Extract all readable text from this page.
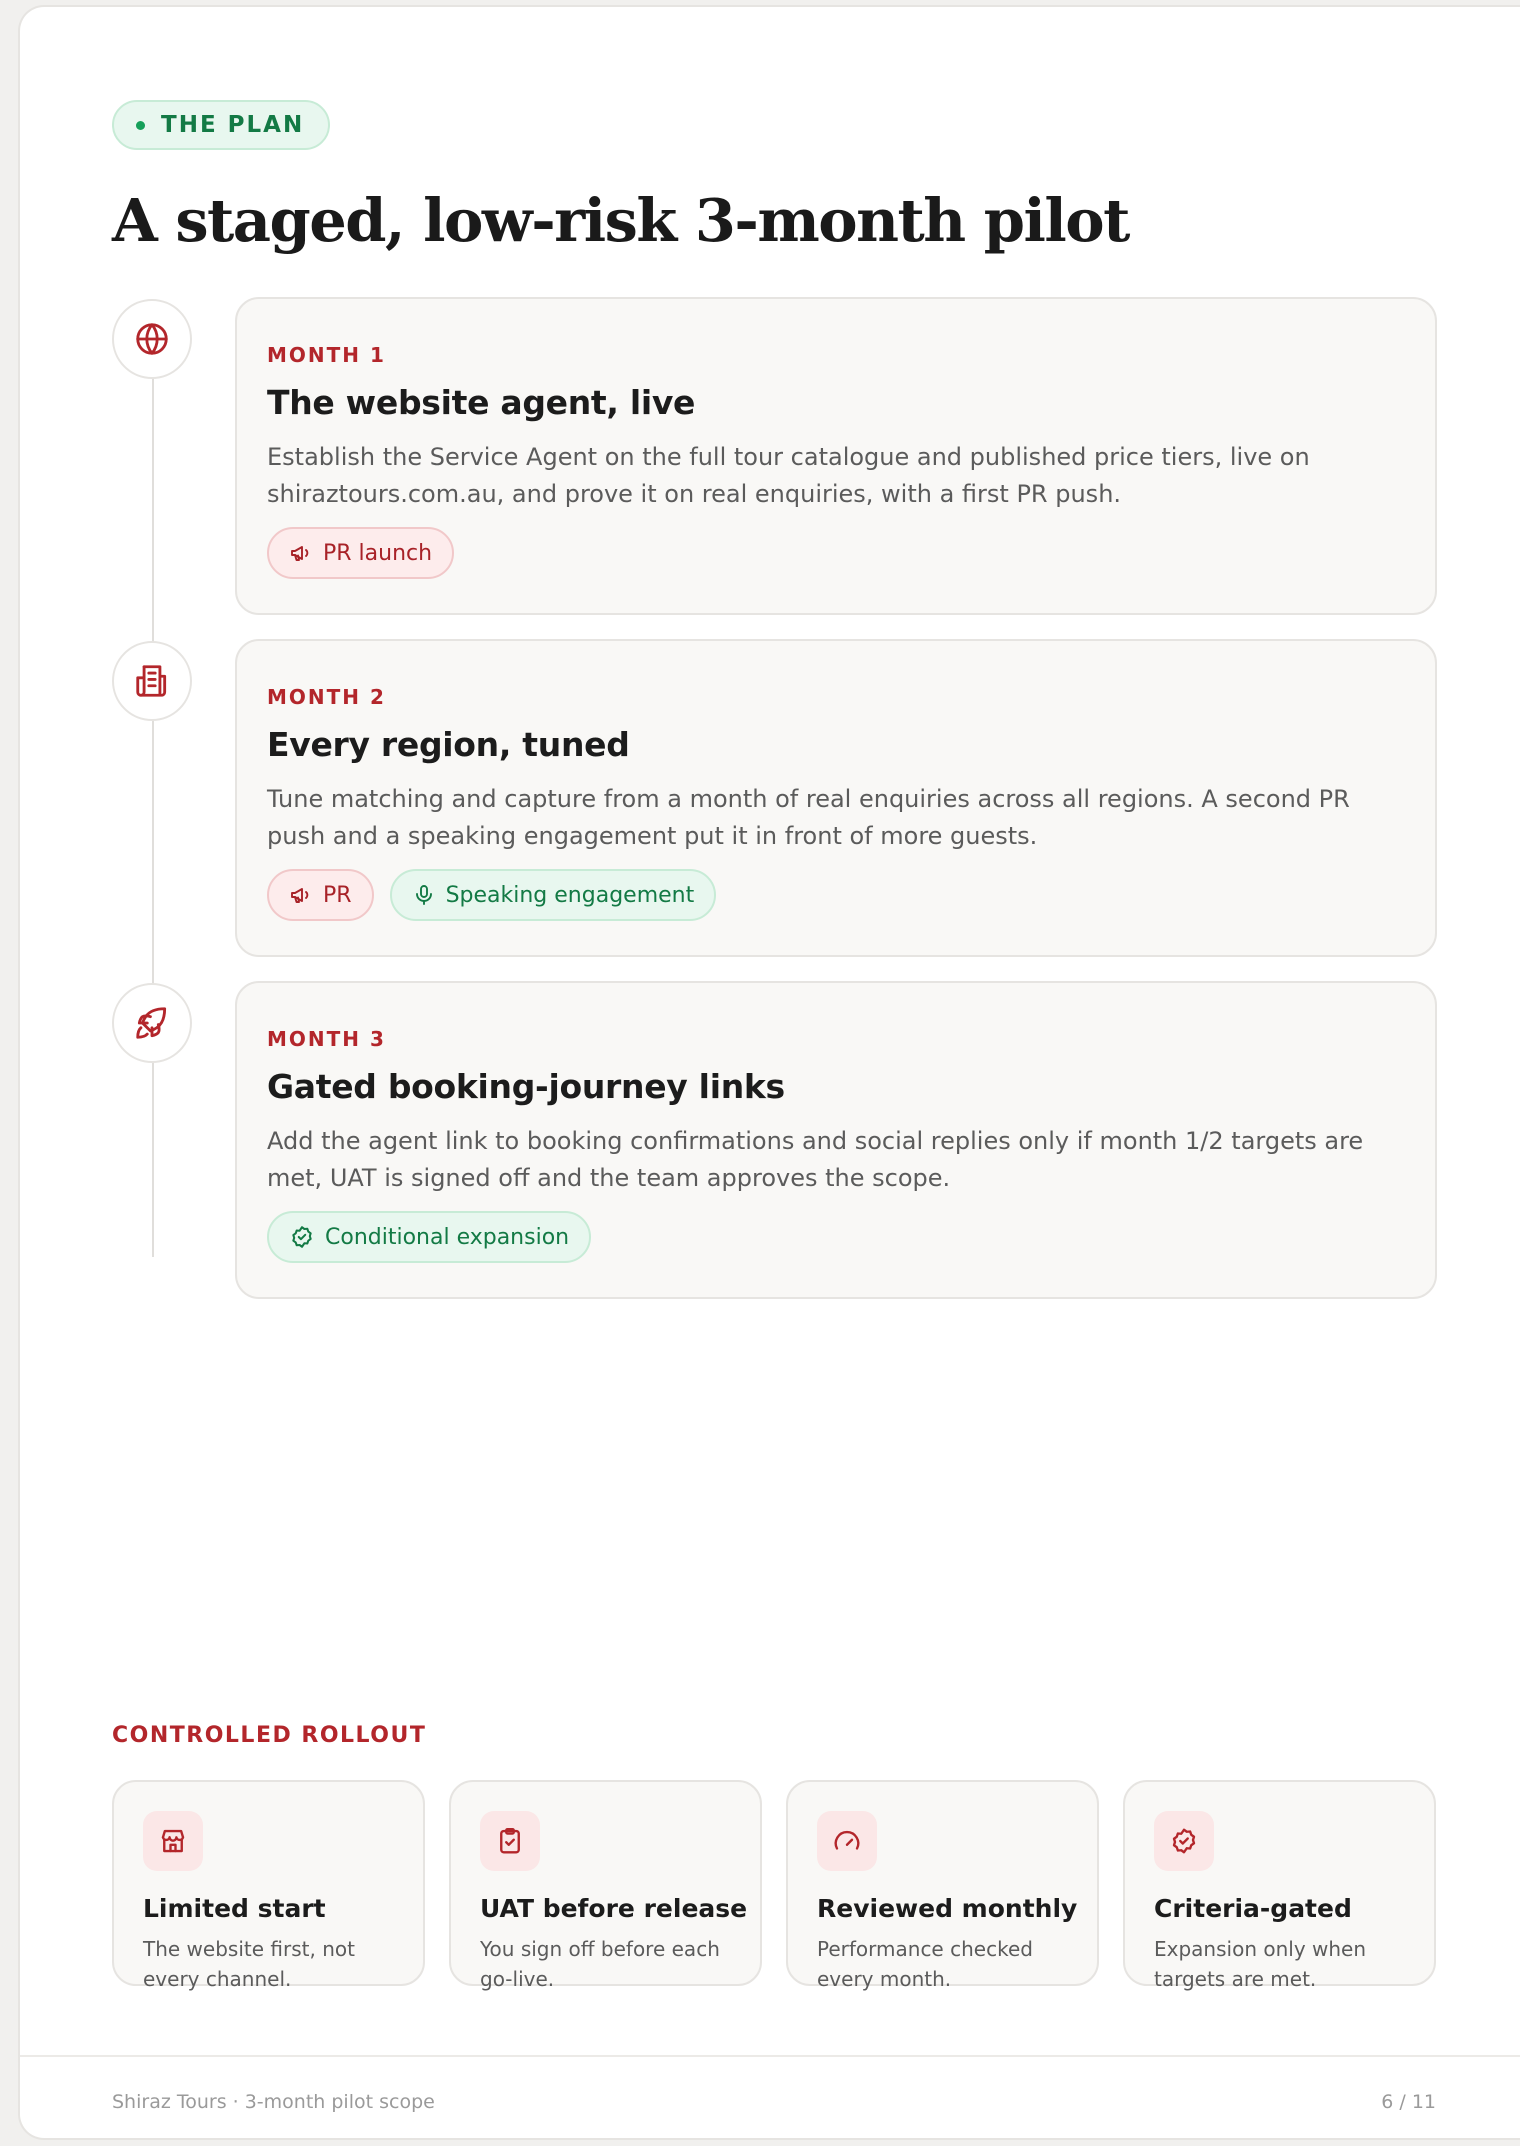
THE PLAN
A staged, low-risk 3-month pilot
MONTH 1
The website agent, live
Establish the Service Agent on the full tour catalogue and published price tiers, live on shiraztours.com.au, and prove it on real enquiries, with a first PR push.
PR launch
MONTH 2
Every region, tuned
Tune matching and capture from a month of real enquiries across all regions. A second PR push and a speaking engagement put it in front of more guests.
PR	Speaking engagement
MONTH 3
Gated booking-journey links
Add the agent link to booking confirmations and social replies only if month 1/2 targets are met, UAT is signed off and the team approves the scope.
Conditional expansion
CONTROLLED ROLLOUT
Limited start
The website first, not every channel.
UAT before release
You sign off before each go-live.
Reviewed monthly
Performance checked every month.
Criteria-gated
Expansion only when targets are met.
Shiraz Tours · 3-month pilot scope	6 / 11
